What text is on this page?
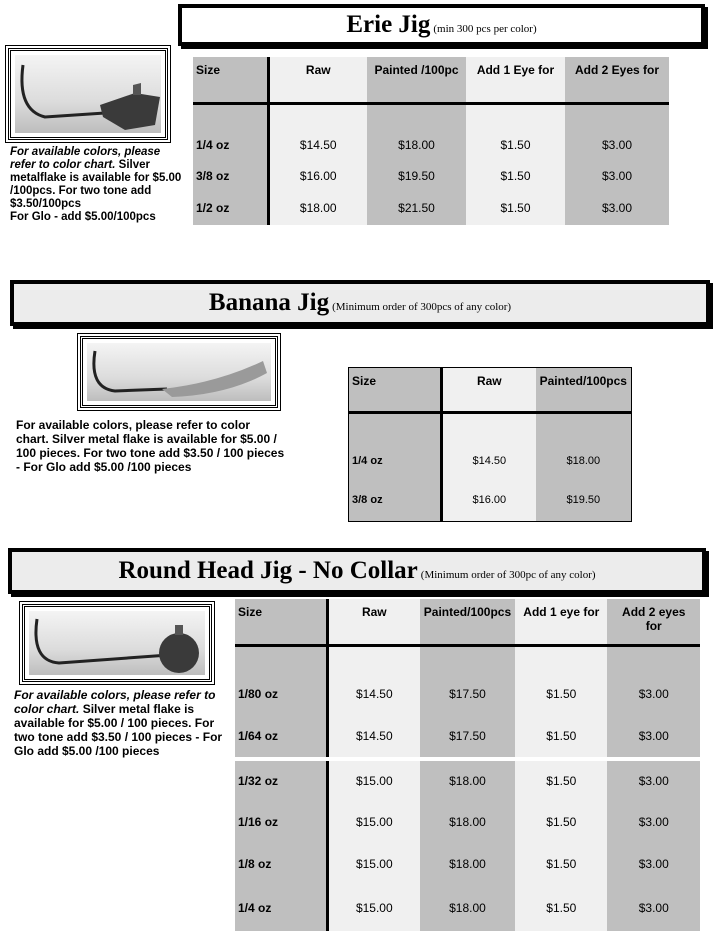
Erie Jig (min 300 pcs per color)
For available colors, please refer to color chart. Silver metalflake is available for $5.00 /100pcs. For two tone add $3.50/100pcs
For Glo - add $5.00/100pcs
Size	Raw	Painted /100pc	Add 1 Eye for	Add 2 Eyes for

1/4 oz	$14.50	$18.00	$1.50	$3.00
3/8 oz	$16.00	$19.50	$1.50	$3.00
1/2 oz	$18.00	$21.50	$1.50	$3.00
Banana Jig (Minimum order of 300pcs of any color)
For available colors, please refer to color chart. Silver metal flake is available for $5.00 / 100 pieces. For two tone add $3.50 / 100 pieces - For Glo add $5.00 /100 pieces
Size	Raw	Painted/100pcs

1/4 oz	$14.50	$18.00
3/8 oz	$16.00	$19.50
Round Head Jig - No Collar (Minimum order of 300pc of any color)
For available colors, please refer to color chart. Silver metal flake is available for $5.00 / 100 pieces. For two tone add $3.50 / 100 pieces - For Glo add $5.00 /100 pieces
Size	Raw	Painted/100pcs	Add 1 eye for	Add 2 eyes for

1/80 oz	$14.50	$17.50	$1.50	$3.00
1/64 oz	$14.50	$17.50	$1.50	$3.00

1/32 oz	$15.00	$18.00	$1.50	$3.00
1/16 oz	$15.00	$18.00	$1.50	$3.00
1/8 oz	$15.00	$18.00	$1.50	$3.00
1/4 oz	$15.00	$18.00	$1.50	$3.00
